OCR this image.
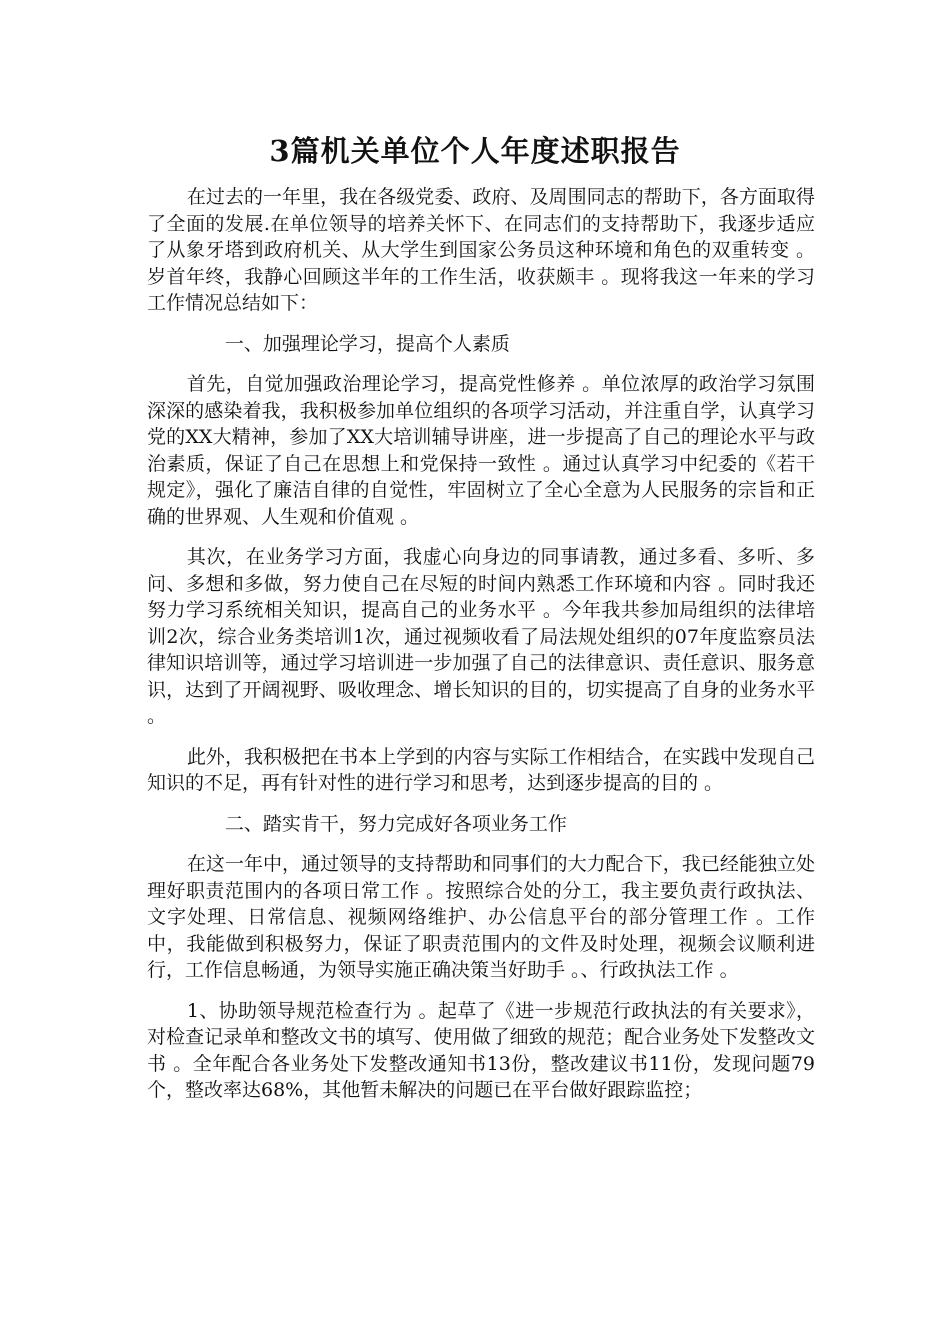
3篇机关单位个人年度述职报告

在过去的一年里，我在各级党委、政府、及周围同志的帮助下，各方面取得了全面的发展.在单位领导的培养关怀下、在同志们的支持帮助下，我逐步适应了从象牙塔到政府机关、从大学生到国家公务员这种环境和角色的双重转变 。岁首年终，我静心回顾这半年的工作生活，收获颇丰 。现将我这一年来的学习工作情况总结如下：

一、加强理论学习，提高个人素质

首先，自觉加强政治理论学习，提高党性修养 。单位浓厚的政治学习氛围深深的感染着我，我积极参加单位组织的各项学习活动，并注重自学，认真学习党的XX大精神，参加了XX大培训辅导讲座，进一步提高了自己的理论水平与政治素质，保证了自己在思想上和党保持一致性 。通过认真学习中纪委的《若干规定》，强化了廉洁自律的自觉性，牢固树立了全心全意为人民服务的宗旨和正确的世界观、人生观和价值观 。

其次，在业务学习方面，我虚心向身边的同事请教，通过多看、多听、多问、多想和多做，努力使自己在尽短的时间内熟悉工作环境和内容 。同时我还努力学习系统相关知识，提高自己的业务水平 。今年我共参加局组织的法律培训2次，综合业务类培训1次，通过视频收看了局法规处组织的07年度监察员法律知识培训等，通过学习培训进一步加强了自己的法律意识、责任意识、服务意识，达到了开阔视野、吸收理念、增长知识的目的，切实提高了自身的业务水平 。

此外，我积极把在书本上学到的内容与实际工作相结合，在实践中发现自己知识的不足，再有针对性的进行学习和思考，达到逐步提高的目的 。

二、踏实肯干，努力完成好各项业务工作

在这一年中，通过领导的支持帮助和同事们的大力配合下，我已经能独立处理好职责范围内的各项日常工作 。按照综合处的分工，我主要负责行政执法、文字处理、日常信息、视频网络维护、办公信息平台的部分管理工作 。工作中，我能做到积极努力，保证了职责范围内的文件及时处理，视频会议顺利进行，工作信息畅通，为领导实施正确决策当好助手 。、行政执法工作 。

1、协助领导规范检查行为 。起草了《进一步规范行政执法的有关要求》，对检查记录单和整改文书的填写、使用做了细致的规范；配合业务处下发整改文书 。全年配合各业务处下发整改通知书13份，整改建议书11份，发现问题79个，整改率达68%，其他暂未解决的问题已在平台做好跟踪监控；
